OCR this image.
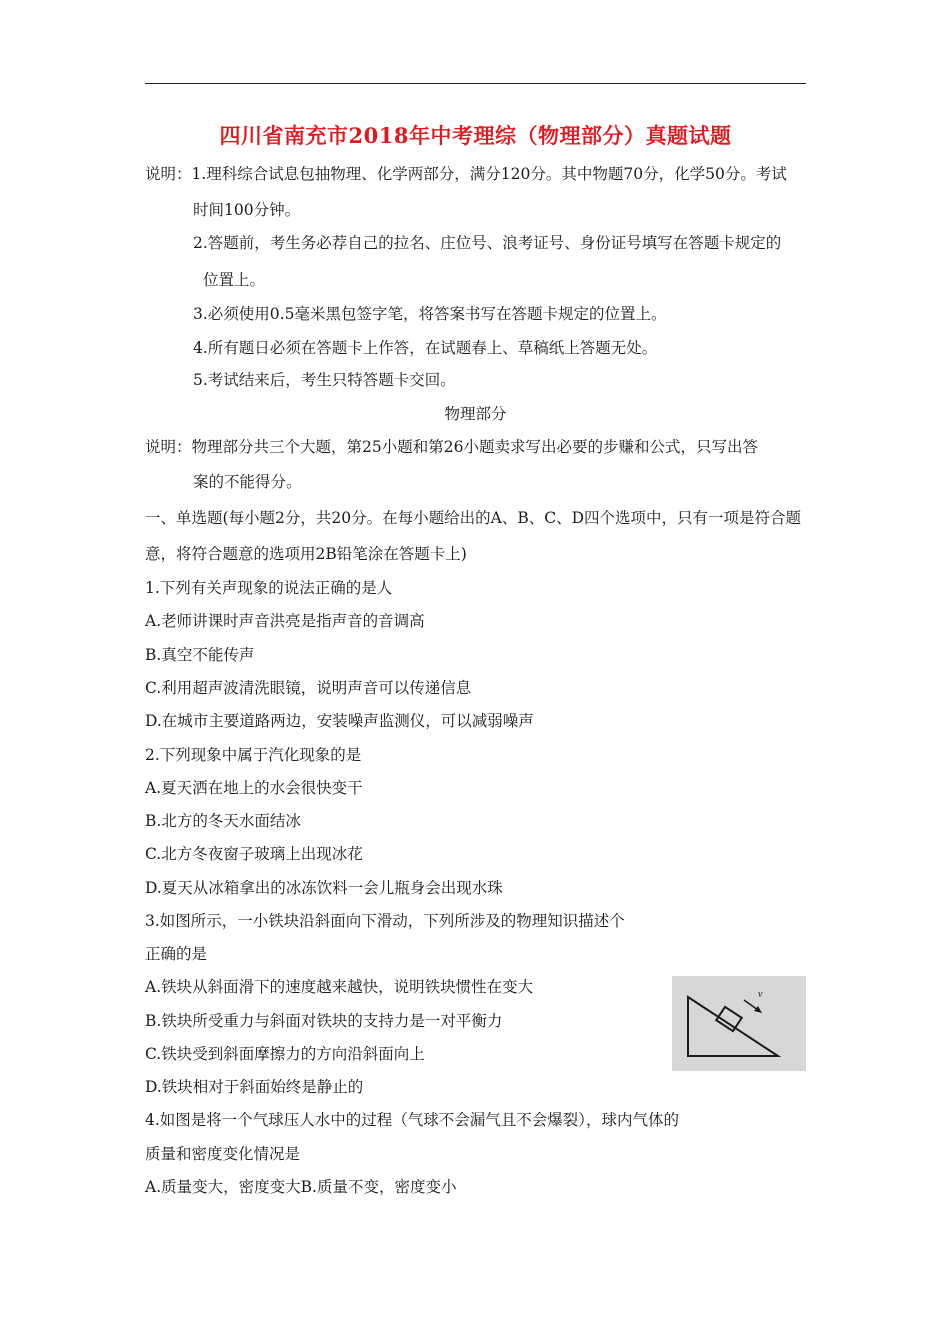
四川省南充市2018年中考理综（物理部分）真题试题
说明：1.理科综合试息包抽物理、化学两部分，满分120分。其中物题70分，化学50分。考试
时间100分钟。
2.答题前，考生务必荐自己的拉名、庄位号、浪考证号、身份证号填写在答题卡规定的
位置上。
3.必须使用0.5毫米黑包签字笔，将答案书写在答题卡规定的位置上。
4.所有题日必须在答题卡上作答，在试题春上、草稿纸上答题无处。
5.考试结来后，考生只特答题卡交回。
物理部分
说明：物理部分共三个大题，第25小题和第26小题卖求写出必要的步赚和公式，只写出答
案的不能得分。
一、单选题(每小题2分，共20分。在每小题给出的A、B、C、D四个选项中，只有一项是符合题
意，将符合题意的选项用2B铅笔涂在答题卡上)
1.下列有关声现象的说法正确的是人
A.老师讲课时声音洪亮是指声音的音调高
B.真空不能传声
C.利用超声波清洗眼镜，说明声音可以传递信息
D.在城市主要道路两边，安装噪声监测仪，可以减弱噪声
2.下列现象中属于汽化现象的是
A.夏天洒在地上的水会很快变干
B.北方的冬天水面结冰
C.北方冬夜窗子玻璃上出现冰花
D.夏天从冰箱拿出的冰冻饮料一会儿瓶身会出现水珠
3.如图所示，一小铁块沿斜面向下滑动，下列所涉及的物理知识描述个
正确的是
A.铁块从斜面滑下的速度越来越快，说明铁块惯性在变大
B.铁块所受重力与斜面对铁块的支持力是一对平衡力
C.铁块受到斜面摩擦力的方向沿斜面向上
D.铁块相对于斜面始终是静止的
v
4.如图是将一个气球压人水中的过程（气球不会漏气且不会爆裂），球内气体的
质量和密度变化情况是
A.质量变大，密度变大B.质量不变，密度变小
